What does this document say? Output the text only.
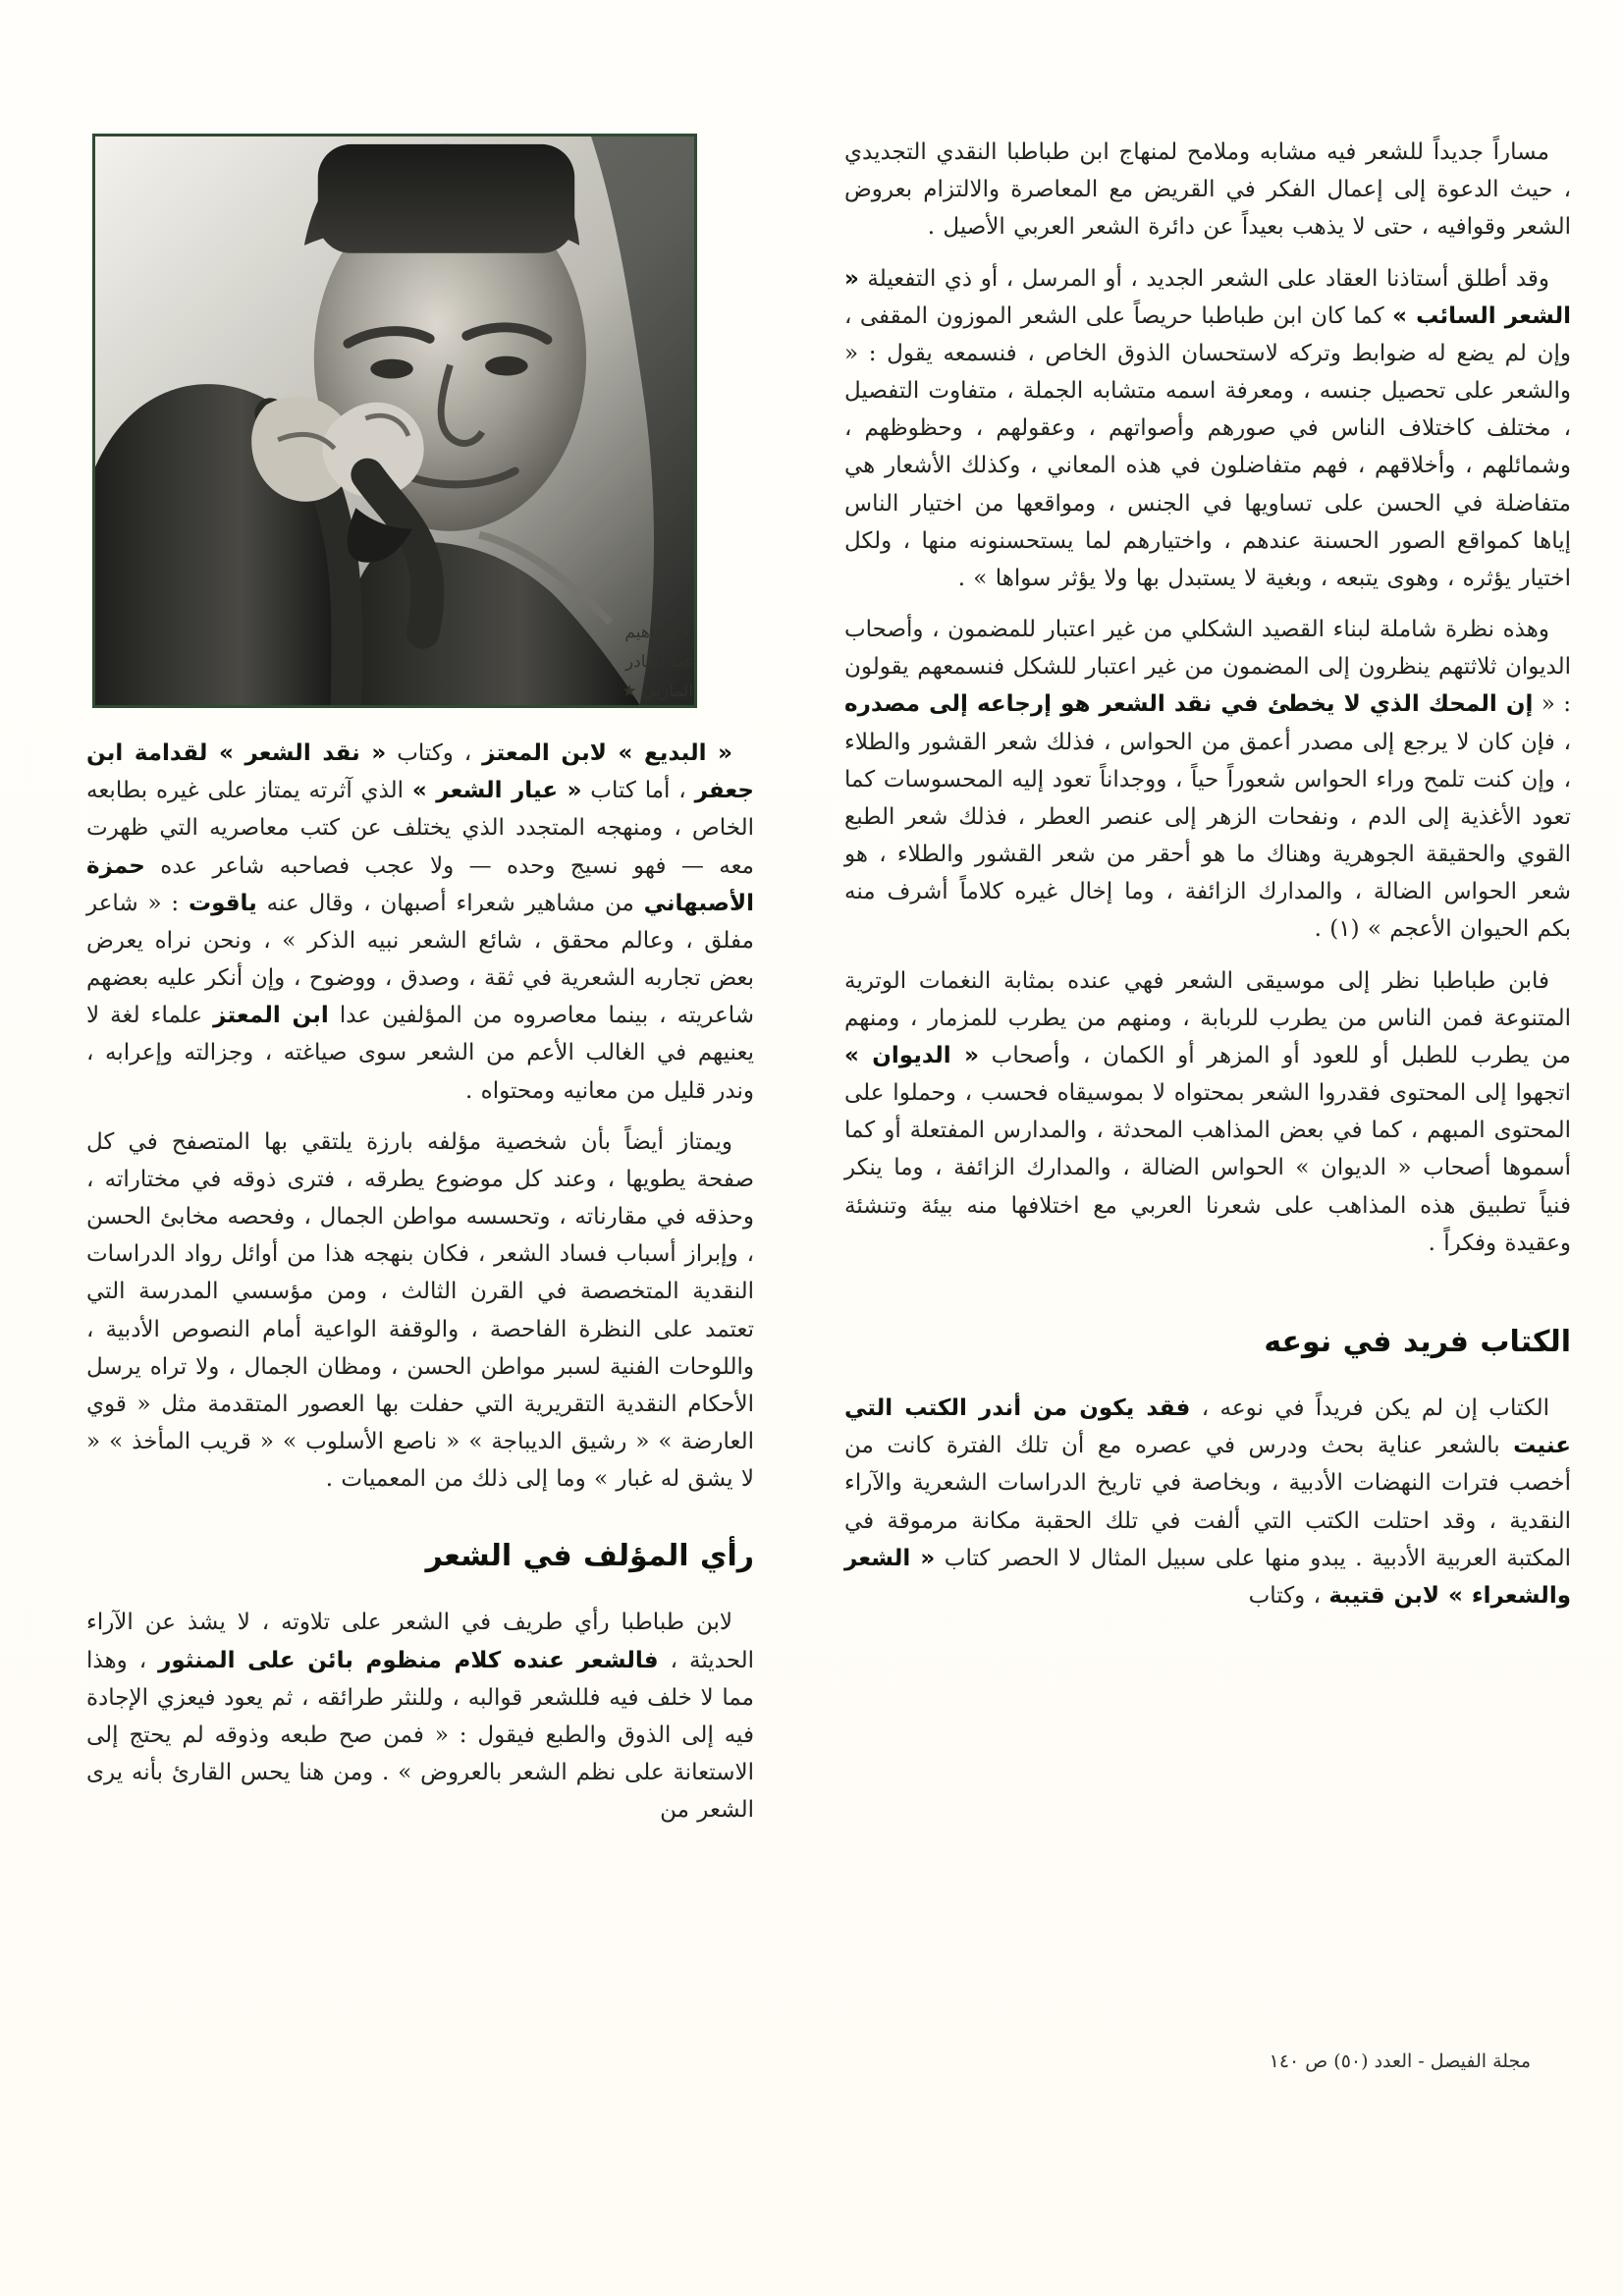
★ إبراهيم عبد القادر المازني ★

مساراً جديداً للشعر فيه مشابه وملامح لمنهاج ابن طباطبا النقدي التجديدي ، حيث الدعوة إلى إعمال الفكر في القريض مع المعاصرة والالتزام بعروض الشعر وقوافيه ، حتى لا يذهب بعيداً عن دائرة الشعر العربي الأصيل .

وقد أطلق أستاذنا العقاد على الشعر الجديد ، أو المرسل ، أو ذي التفعيلة « الشعر السائب » كما كان ابن طباطبا حريصاً على الشعر الموزون المقفى ، وإن لم يضع له ضوابط وتركه لاستحسان الذوق الخاص ، فنسمعه يقول : « والشعر على تحصيل جنسه ، ومعرفة اسمه متشابه الجملة ، متفاوت التفصيل ، مختلف كاختلاف الناس في صورهم وأصواتهم ، وعقولهم ، وحظوظهم ، وشمائلهم ، وأخلاقهم ، فهم متفاضلون في هذه المعاني ، وكذلك الأشعار هي متفاضلة في الحسن على تساويها في الجنس ، ومواقعها من اختيار الناس إياها كمواقع الصور الحسنة عندهم ، واختيارهم لما يستحسنونه منها ، ولكل اختيار يؤثره ، وهوى يتبعه ، وبغية لا يستبدل بها ولا يؤثر سواها » .

وهذه نظرة شاملة لبناء القصيد الشكلي من غير اعتبار للمضمون ، وأصحاب الديوان ثلاثتهم ينظرون إلى المضمون من غير اعتبار للشكل فنسمعهم يقولون : « إن المحك الذي لا يخطئ في نقد الشعر هو إرجاعه إلى مصدره ، فإن كان لا يرجع إلى مصدر أعمق من الحواس ، فذلك شعر القشور والطلاء ، وإن كنت تلمح وراء الحواس شعوراً حياً ، ووجداناً تعود إليه المحسوسات كما تعود الأغذية إلى الدم ، ونفحات الزهر إلى عنصر العطر ، فذلك شعر الطبع القوي والحقيقة الجوهرية وهناك ما هو أحقر من شعر القشور والطلاء ، هو شعر الحواس الضالة ، والمدارك الزائفة ، وما إخال غيره كلاماً أشرف منه بكم الحيوان الأعجم » (١) .

فابن طباطبا نظر إلى موسيقى الشعر فهي عنده بمثابة النغمات الوترية المتنوعة فمن الناس من يطرب للربابة ، ومنهم من يطرب للمزمار ، ومنهم من يطرب للطبل أو للعود أو المزهر أو الكمان ، وأصحاب « الديوان » اتجهوا إلى المحتوى فقدروا الشعر بمحتواه لا بموسيقاه فحسب ، وحملوا على المحتوى المبهم ، كما في بعض المذاهب المحدثة ، والمدارس المفتعلة أو كما أسموها أصحاب « الديوان » الحواس الضالة ، والمدارك الزائفة ، وما ينكر فنياً تطبيق هذه المذاهب على شعرنا العربي مع اختلافها منه بيئة وتنشئة وعقيدة وفكراً .

الكتاب فريد في نوعه

الكتاب إن لم يكن فريداً في نوعه ، فقد يكون من أندر الكتب التي عنيت بالشعر عناية بحث ودرس في عصره مع أن تلك الفترة كانت من أخصب فترات النهضات الأدبية ، وبخاصة في تاريخ الدراسات الشعرية والآراء النقدية ، وقد احتلت الكتب التي ألفت في تلك الحقبة مكانة مرموقة في المكتبة العربية الأدبية . يبدو منها على سبيل المثال لا الحصر كتاب « الشعر والشعراء » لابن قتيبة ، وكتاب

« البديع » لابن المعتز ، وكتاب « نقد الشعر » لقدامة ابن جعفر ، أما كتاب « عيار الشعر » الذي آثرته يمتاز على غيره بطابعه الخاص ، ومنهجه المتجدد الذي يختلف عن كتب معاصريه التي ظهرت معه — فهو نسيج وحده — ولا عجب فصاحبه شاعر عده حمزة الأصبهاني من مشاهير شعراء أصبهان ، وقال عنه ياقوت : « شاعر مفلق ، وعالم محقق ، شائع الشعر نبيه الذكر » ، ونحن نراه يعرض بعض تجاربه الشعرية في ثقة ، وصدق ، ووضوح ، وإن أنكر عليه بعضهم شاعريته ، بينما معاصروه من المؤلفين عدا ابن المعتز علماء لغة لا يعنيهم في الغالب الأعم من الشعر سوى صياغته ، وجزالته وإعرابه ، وندر قليل من معانيه ومحتواه .

ويمتاز أيضاً بأن شخصية مؤلفه بارزة يلتقي بها المتصفح في كل صفحة يطويها ، وعند كل موضوع يطرقه ، فترى ذوقه في مختاراته ، وحذقه في مقارناته ، وتحسسه مواطن الجمال ، وفحصه مخابئ الحسن ، وإبراز أسباب فساد الشعر ، فكان بنهجه هذا من أوائل رواد الدراسات النقدية المتخصصة في القرن الثالث ، ومن مؤسسي المدرسة التي تعتمد على النظرة الفاحصة ، والوقفة الواعية أمام النصوص الأدبية ، واللوحات الفنية لسبر مواطن الحسن ، ومظان الجمال ، ولا تراه يرسل الأحكام النقدية التقريرية التي حفلت بها العصور المتقدمة مثل « قوي العارضة » « رشيق الديباجة » « ناصع الأسلوب » « قريب المأخذ » « لا يشق له غبار » وما إلى ذلك من المعميات .

رأي المؤلف في الشعر

لابن طباطبا رأي طريف في الشعر على تلاوته ، لا يشذ عن الآراء الحديثة ، فالشعر عنده كلام منظوم بائن على المنثور ، وهذا مما لا خلف فيه فللشعر قوالبه ، وللنثر طرائقه ، ثم يعود فيعزي الإجادة فيه إلى الذوق والطبع فيقول : « فمن صح طبعه وذوقه لم يحتج إلى الاستعانة على نظم الشعر بالعروض » . ومن هنا يحس القارئ بأنه يرى الشعر من

مجلة الفيصل - العدد (٥٠) ص ١٤٠
